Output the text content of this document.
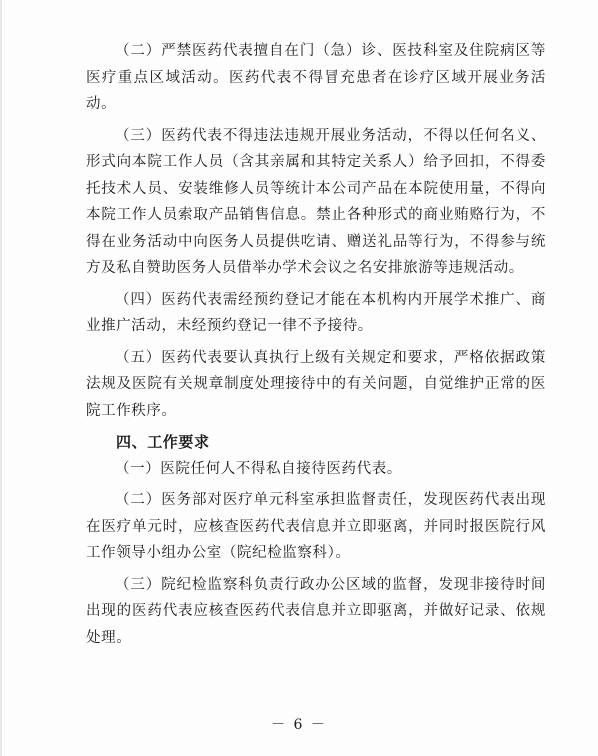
（二）严禁医药代表擅自在门（急）诊、医技科室及住院病区等医疗重点区域活动。医药代表不得冒充患者在诊疗区域开展业务活动。

（三）医药代表不得违法违规开展业务活动，不得以任何名义、形式向本院工作人员（含其亲属和其特定关系人）给予回扣，不得委托技术人员、安装维修人员等统计本公司产品在本院使用量，不得向本院工作人员索取产品销售信息。禁止各种形式的商业贿赂行为，不得在业务活动中向医务人员提供吃请、赠送礼品等行为，不得参与统方及私自赞助医务人员借举办学术会议之名安排旅游等违规活动。

（四）医药代表需经预约登记才能在本机构内开展学术推广、商业推广活动，未经预约登记一律不予接待。

（五）医药代表要认真执行上级有关规定和要求，严格依据政策法规及医院有关规章制度处理接待中的有关问题，自觉维护正常的医院工作秩序。

四、工作要求

（一）医院任何人不得私自接待医药代表。

（二）医务部对医疗单元科室承担监督责任，发现医药代表出现在医疗单元时，应核查医药代表信息并立即驱离，并同时报医院行风工作领导小组办公室（院纪检监察科）。

（三）院纪检监察科负责行政办公区域的监督，发现非接待时间出现的医药代表应核查医药代表信息并立即驱离，并做好记录、依规处理。

－ 6 －
